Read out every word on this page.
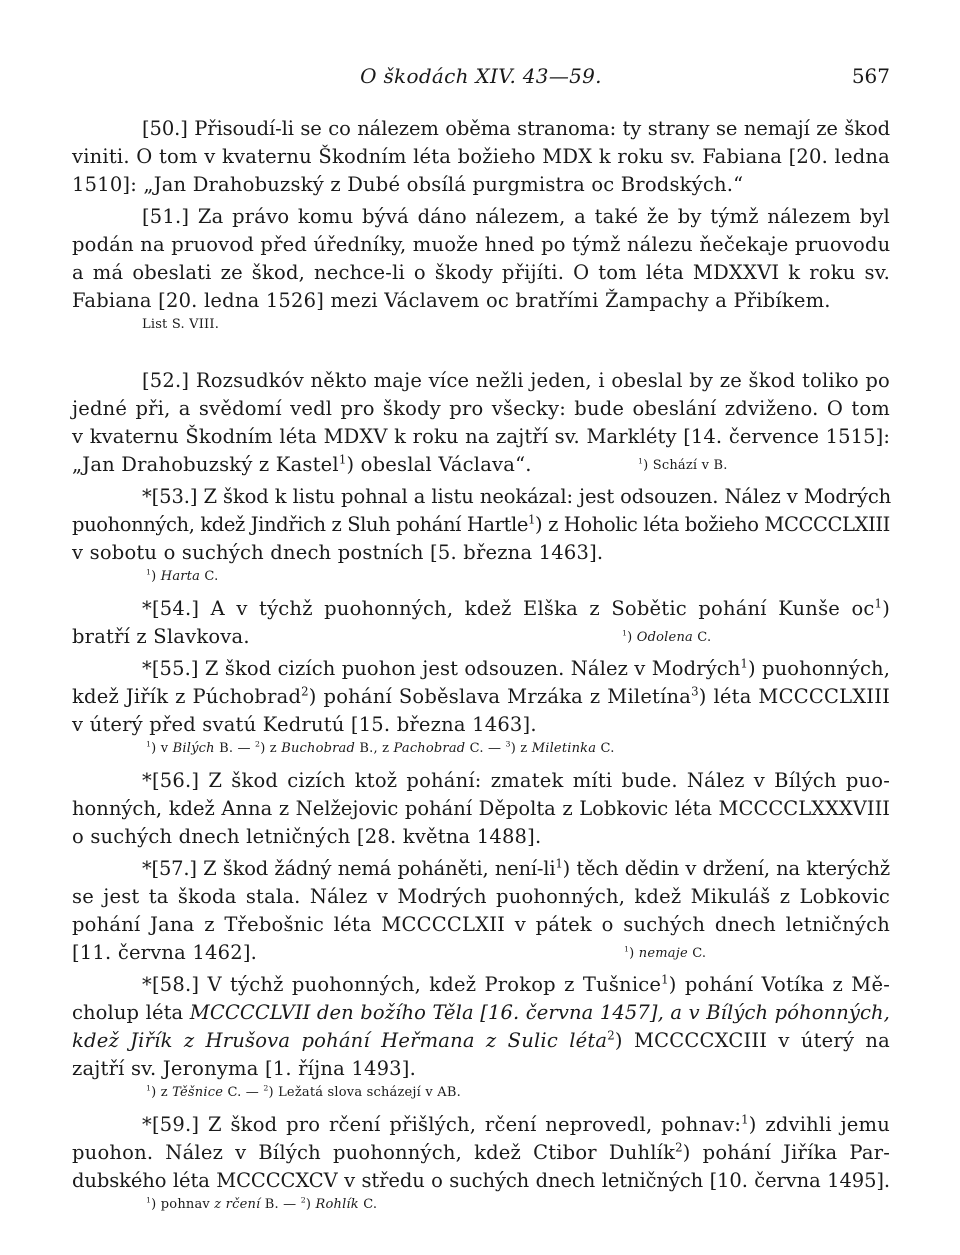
O škodách XIV. 43—59.	567
[50.] Přisoudí-li se co nálezem oběma stranoma: ty strany se nemají ze škod
viniti. O tom v kvaternu Škodním léta božieho MDX k roku sv. Fabiana [20. ledna
1510]: „Jan Drahobuzský z Dubé obsílá purgmistra oc Brodských.“
[51.] Za právo komu bývá dáno nálezem, a také že by týmž nálezem byl
podán na pruovod před úředníky, muože hned po týmž nálezu ňečekaje pruovodu
a má obeslati ze škod, nechce-li o škody přijíti. O tom léta MDXXVI k roku sv.
Fabiana [20. ledna 1526] mezi Václavem oc bratřími Žampachy a Přibíkem.
List S. VIII.
[52.] Rozsudkóv někto maje více nežli jeden, i obeslal by ze škod toliko po
jedné při, a svědomí vedl pro škody pro všecky: bude obeslání zdviženo. O tom
v kvaternu Škodním léta MDXV k roku na zajtří sv. Markléty [14. července 1515]:
„Jan Drahobuzský z Kastel$^1$) obeslal Václava“.	$^1$) Schází v B.
*[53.] Z škod k listu pohnal a listu neokázal: jest odsouzen. Nález v Modrých
puohonných, kdež Jindřich z Sluh pohání Hartle$^1$) z Hoholic léta božieho MCCCCLXIII
v sobotu o suchých dnech postních [5. března 1463].
$^1$) Harta C.
*[54.] A v týchž puohonných, kdež Elška z Sobětic pohání Kunše $oc^1$)
bratří z Slavkova.	$^1$) Odolena C.
*[55.] Z škod cizích puohon jest odsouzen. Nález v Modrých$^1$) puohonných,
kdež Jiřík z Púchobrad$^2$) pohání Soběslava Mrzáka z Miletína$^3$) léta MCCCCLXIII
v úterý před svatú Kedrutú [15. března 1463].
$^1$) v Bilých B. — $^2$) z Buchobrad B., z Pachobrad C. — $^3$) z Miletinka C.
*[56.] Z škod cizích ktož pohání: zmatek míti bude. Nález v Bílých puo-
honných, kdež Anna z Nelžejovic pohání Děpolta z Lobkovic léta MCCCCLXXXVIII
o suchých dnech letničných [28. května 1488].
*[57.] Z škod žádný nemá poháněti, není-$li^1$) těch dědin v držení, na kterýchž
se jest ta škoda stala. Nález v Modrých puohonných, kdež Mikuláš z Lobkovic
pohání Jana z Třebošnic léta MCCCCLXII v pátek o suchých dnech letničných
[11. června 1462].	$^1$) nemaje C.
*[58.] V týchž puohonných, kdež Prokop z Tušnice$^1$) pohání Votíka z Mě-
cholup léta MCCCCLVII den božího Těla [16. června 1457], a v Bílých póhonných,
kdež Jiřík z Hrušova pohání Heřmana z Sulic léta$^2$) MCCCCXCIII v úterý na
zajtří sv. Jeronyma [1. října 1493].
$^1$) z Těšnice C. — $^2$) Ležatá slova scházejí v AB.
*[59.] Z škod pro rčení přišlých, rčení neprovedl, pohnav:$^1$) zdvihli jemu
puohon. Nález v Bílých puohonných, kdež Ctibor Duhlík$^2$) pohání Jiříka Par-
dubského léta MCCCCXCV v středu o suchých dnech letničných [10. června 1495].
$^1$) pohnav z rčení B. — $^2$) Rohlík C.
